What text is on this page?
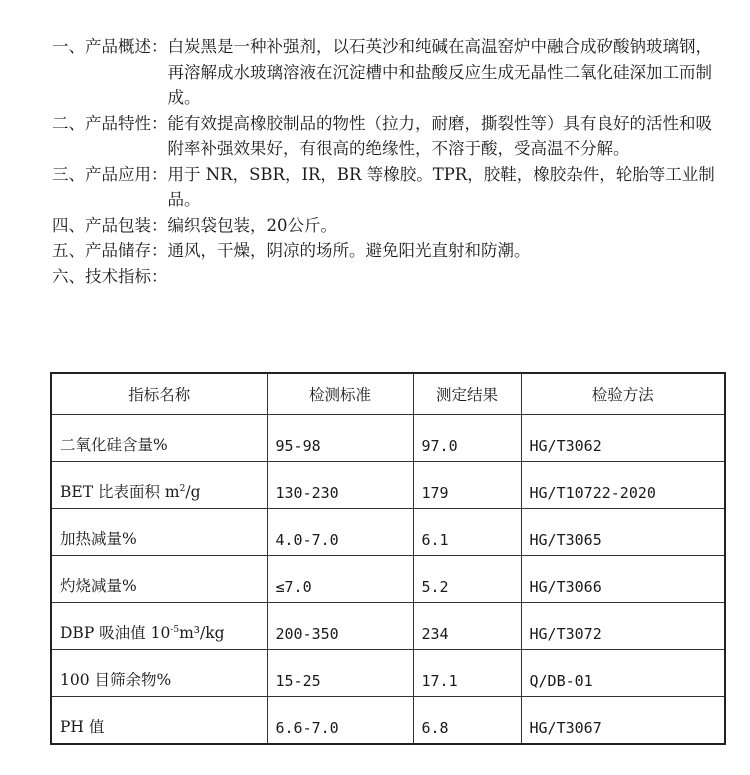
一、产品概述： 白炭黑是一种补强剂，以石英沙和纯碱在高温窑炉中融合成矽酸钠玻璃钢，再溶解成水玻璃溶液在沉淀槽中和盐酸反应生成无晶性二氧化硅深加工而制成。
二、产品特性： 能有效提高橡胶制品的物性（拉力，耐磨，撕裂性等）具有良好的活性和吸附率补强效果好，有很高的绝缘性，不溶于酸，受高温不分解。
三、产品应用： 用于 NR，SBR，IR，BR 等橡胶。TPR，胶鞋，橡胶杂件，轮胎等工业制品。
四、产品包装： 编织袋包装，20公斤。
五、产品储存： 通风，干燥，阴凉的场所。避免阳光直射和防潮。
六、技术指标：
指标名称	检测标准	测定结果	检验方法
二氧化硅含量%	95-98	97.0	HG/T3062
BET 比表面积 $m^2/g$	130-230	179	HG/T10722-2020
加热减量%	4.0-7.0	6.1	HG/T3065
灼烧减量%	≤7.0	5.2	HG/T3066
DBP 吸油值 $10^{-5}m^3/kg$	200-350	234	HG/T3072
100 目筛余物%	15-25	17.1	Q/DB-01
PH 值	6.6-7.0	6.8	HG/T3067
